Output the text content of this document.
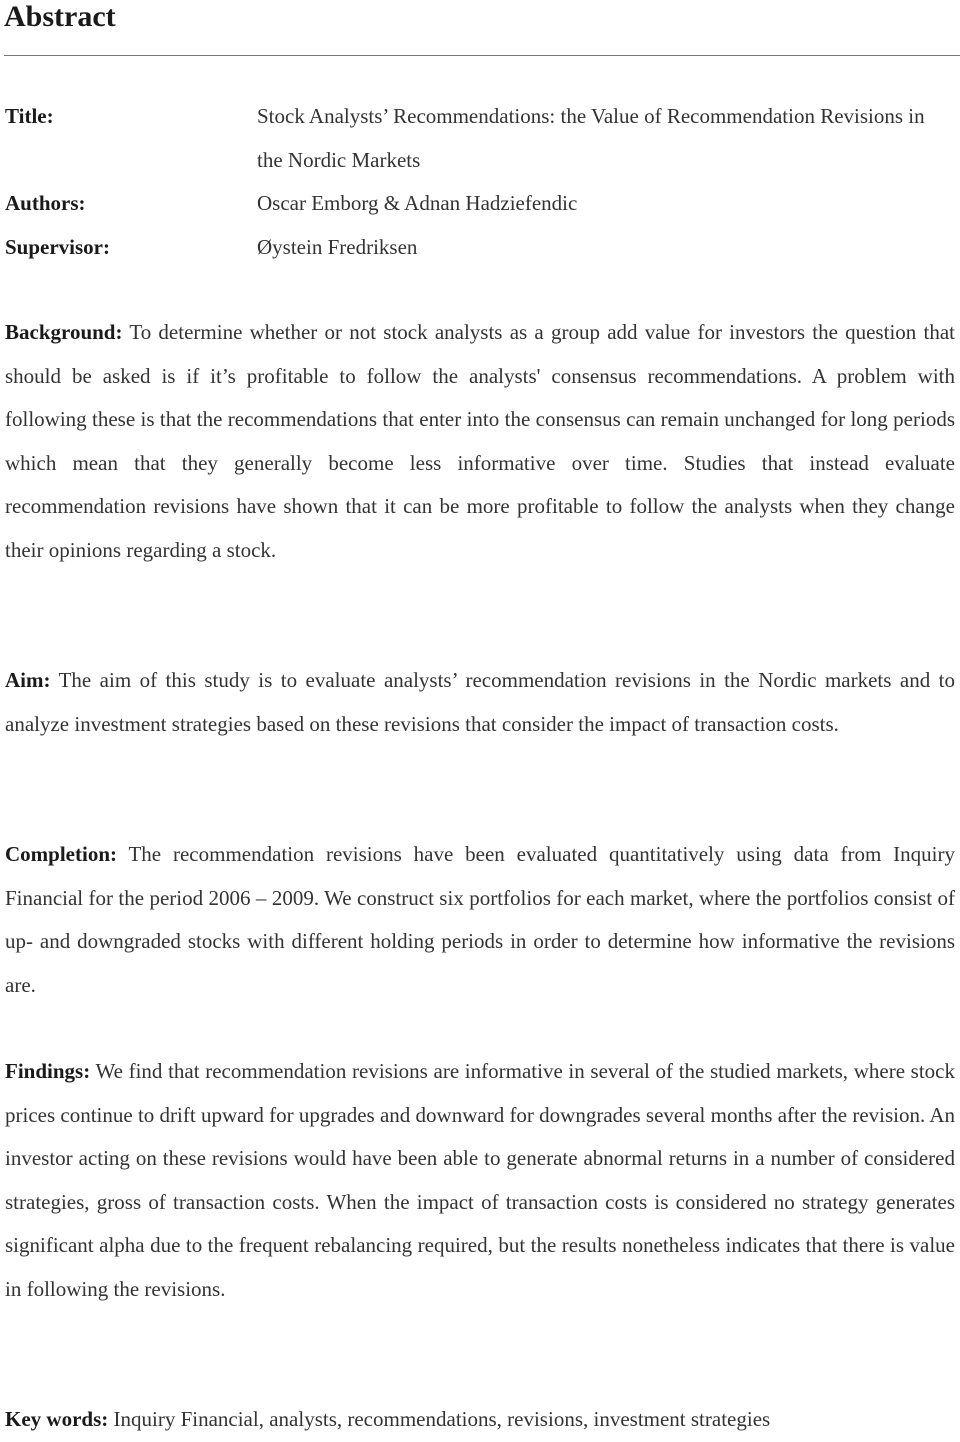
Abstract
Title:	Stock Analysts’ Recommendations: the Value of Recommendation Revisions in the Nordic Markets
Authors:	Oscar Emborg & Adnan Hadziefendic
Supervisor:	Øystein Fredriksen

Background: To determine whether or not stock analysts as a group add value for investors the question that should be asked is if it’s profitable to follow the analysts' consensus recommendations. A problem with following these is that the recommendations that enter into the consensus can remain unchanged for long periods which mean that they generally become less informative over time. Studies that instead evaluate recommendation revisions have shown that it can be more profitable to follow the analysts when they change their opinions regarding a stock.

Aim: The aim of this study is to evaluate analysts’ recommendation revisions in the Nordic markets and to analyze investment strategies based on these revisions that consider the impact of transaction costs.

Completion: The recommendation revisions have been evaluated quantitatively using data from Inquiry Financial for the period 2006 – 2009. We construct six portfolios for each market, where the portfolios consist of up- and downgraded stocks with different holding periods in order to determine how informative the revisions are.

Findings: We find that recommendation revisions are informative in several of the studied markets, where stock prices continue to drift upward for upgrades and downward for downgrades several months after the revision. An investor acting on these revisions would have been able to generate abnormal returns in a number of considered strategies, gross of transaction costs. When the impact of transaction costs is considered no strategy generates significant alpha due to the frequent rebalancing required, but the results nonetheless indicates that there is value in following the revisions.

Key words: Inquiry Financial, analysts, recommendations, revisions, investment strategies
